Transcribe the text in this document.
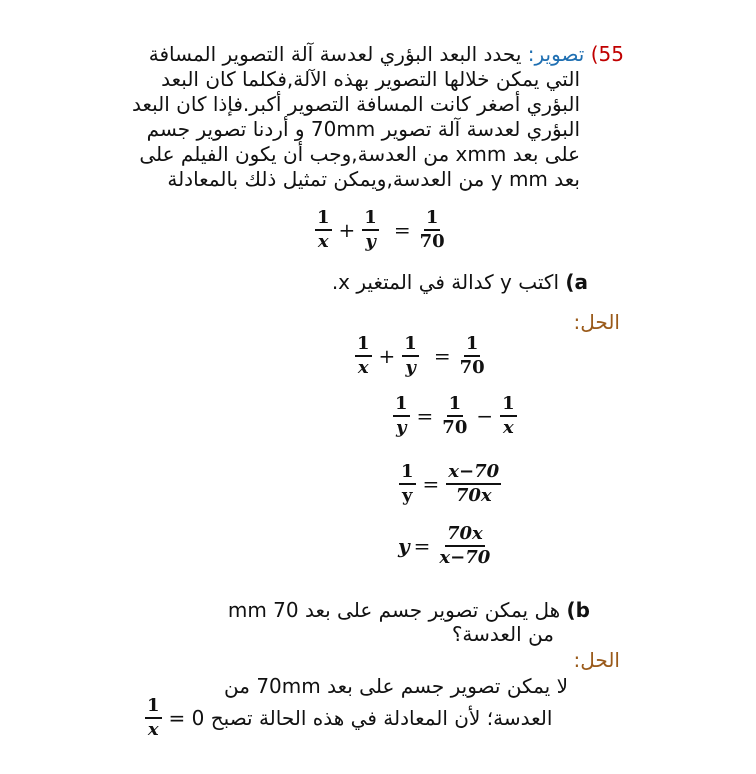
55) تصوير: يحدد البعد البؤري لعدسة آلة التصوير المسافة
التي يمكن خلالها التصوير بهذه الآلة,فكلما كان البعد
البؤري أصغر كانت المسافة التصوير أكبر.فإذا كان البعد
البؤري لعدسة آلة تصوير 70mm و أردنا تصوير جسم
على بعد xmm من العدسة,وجب أن يكون الفيلم على
بعد y mm من العدسة,ويمكن تمثيل ذلك بالمعادلة
$\frac{1}{x} + \frac{1}{y} = \frac{1}{70}$
a) اكتب y كدالة في المتغير x.
الحل:
$\frac{1}{x} + \frac{1}{y} = \frac{1}{70}$
$\frac{1}{y} = \frac{1}{70} - \frac{1}{x}$
$\frac{1}{y} = \frac{x-70}{70x}$
$y = \frac{70x}{x-70}$
b) هل يمكن تصوير جسم على بعد 70 mm
من العدسة؟
الحل:
لا يمكن تصوير جسم على بعد 70mm من
$\frac{1}{x}$ العدسة؛ لأن المعادلة في هذه الحالة تصبح 0 =
